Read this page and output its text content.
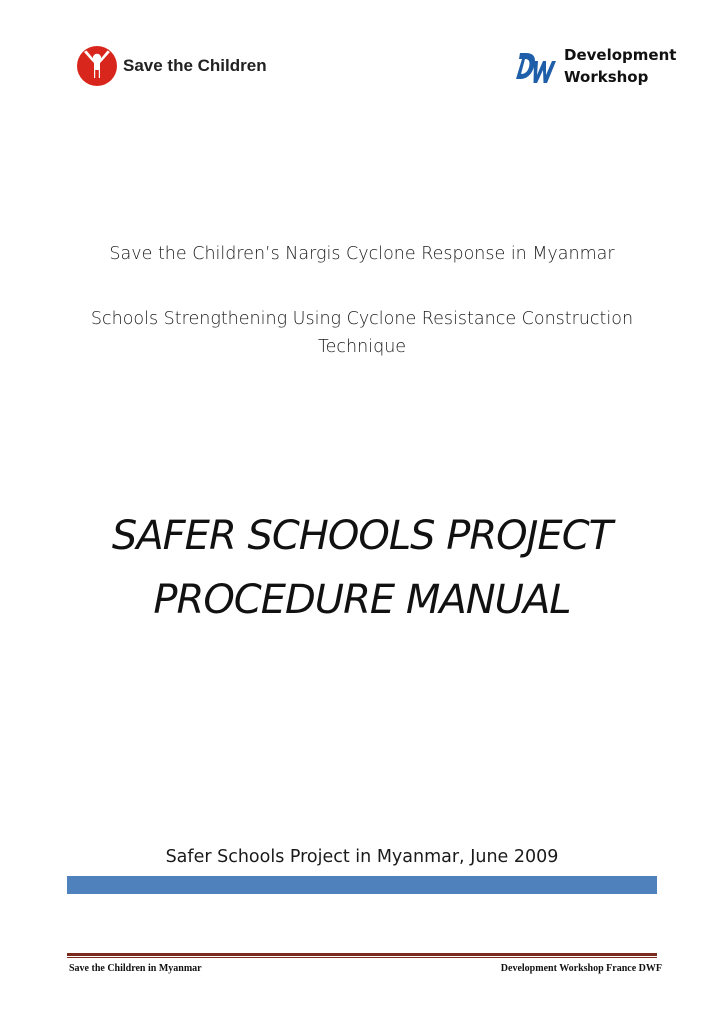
Save the Children
Development
Workshop
Save the Children’s Nargis Cyclone Response in Myanmar
Schools Strengthening Using Cyclone Resistance Construction
Technique
SAFER SCHOOLS PROJECT
PROCEDURE MANUAL
Safer Schools Project in Myanmar, June 2009
Save the Children in Myanmar	Development Workshop France DWF
